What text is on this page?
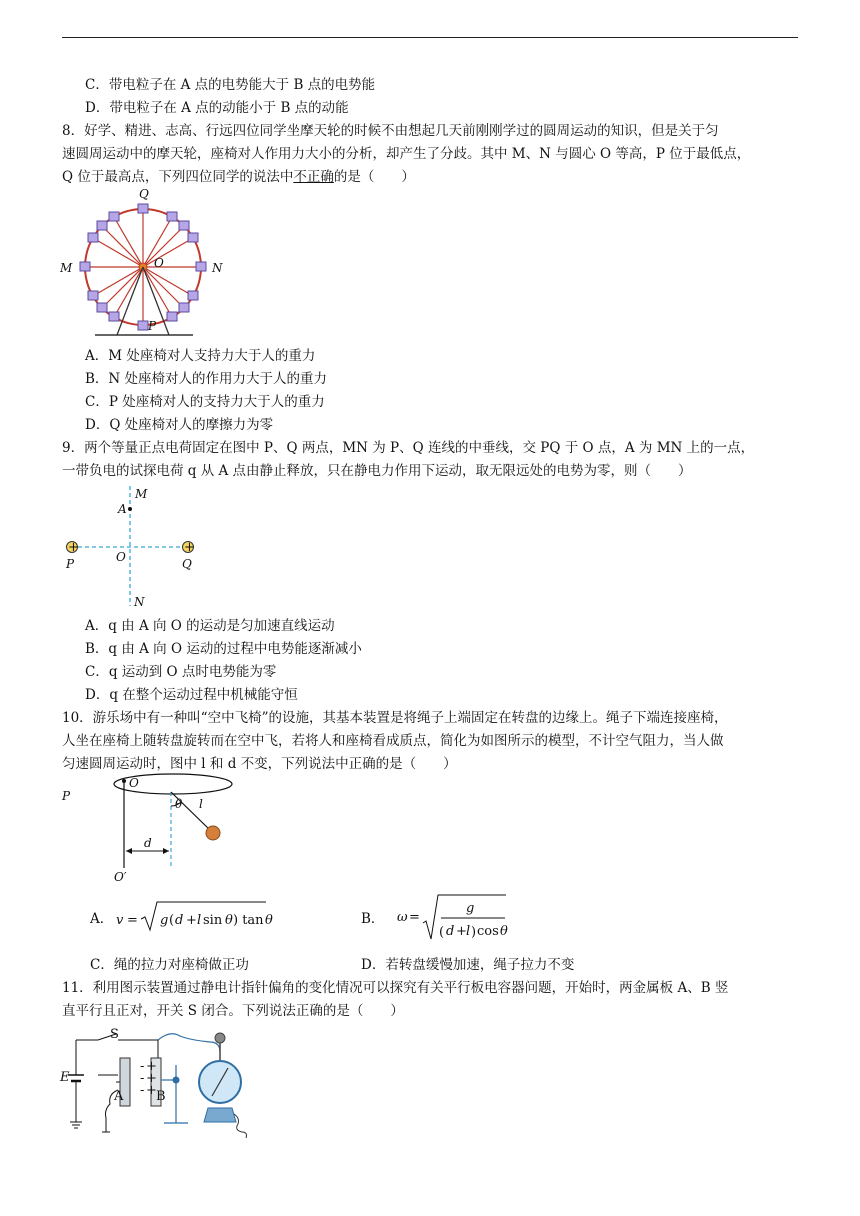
C．带电粒子在 A 点的电势能大于 B 点的电势能
D．带电粒子在 A 点的动能小于 B 点的动能
8．好学、精进、志高、行远四位同学坐摩天轮的时候不由想起几天前刚刚学过的圆周运动的知识，但是关于匀
速圆周运动中的摩天轮，座椅对人作用力大小的分析，却产生了分歧。其中 M、N 与圆心 O 等高，P 位于最低点，
Q 位于最高点，下列四位同学的说法中不正确的是（　　）
Q
M	O	N
P
A．M 处座椅对人支持力大于人的重力
B．N 处座椅对人的作用力大于人的重力
C．P 处座椅对人的支持力大于人的重力
D．Q 处座椅对人的摩擦力为零
9．两个等量正点电荷固定在图中 P、Q 两点，MN 为 P、Q 连线的中垂线，交 PQ 于 O 点，A 为 MN 上的一点，
一带负电的试探电荷 q 从 A 点由静止释放，只在静电力作用下运动，取无限远处的电势为零，则（　　）
+	+
M
A
O
P	Q
N
A．q 由 A 向 O 的运动是匀加速直线运动
B．q 由 A 向 O 运动的过程中电势能逐渐减小
C．q 运动到 O 点时电势能为零
D．q 在整个运动过程中机械能守恒
10．游乐场中有一种叫“空中飞椅”的设施，其基本装置是将绳子上端固定在转盘的边缘上。绳子下端连接座椅，
人坐在座椅上随转盘旋转而在空中飞，若将人和座椅看成质点，简化为如图所示的模型，不计空气阻力，当人做
匀速圆周运动时，图中 l 和 d 不变，下列说法中正确的是（　　）
P
O
θ l
d
O′
A． v = g ( d + l sin θ ) tan θ	B． ω =
g
( d + l ) cos θ
C．绳的拉力对座椅做正功	D．若转盘缓慢加速，绳子拉力不变
11．利用图示装置通过静电计指针偏角的变化情况可以探究有关平行板电容器问题，开始时，两金属板 A、B 竖
直平行且正对，开关 S 闭合。下列说法正确的是（　　）
-
-
-
+
+
+
S
E
A	B
